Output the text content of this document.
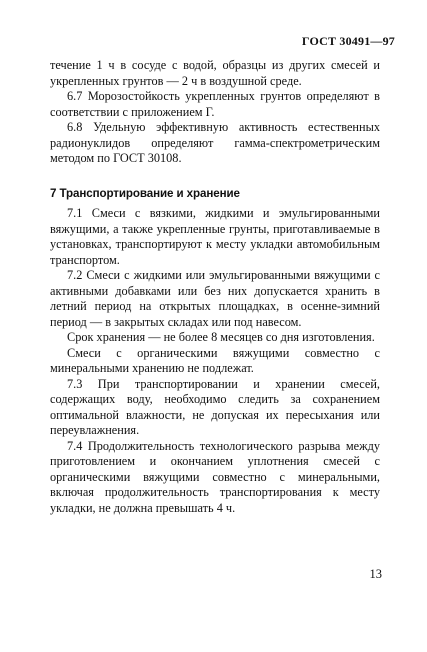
ГОСТ 30491—97

течение 1 ч в сосуде с водой, образцы из других смесей и укрепленных грунтов — 2 ч в воздушной среде.

6.7 Морозостойкость укрепленных грунтов определяют в соответствии с приложением Г.

6.8 Удельную эффективную активность естественных радионуклидов определяют гамма-спектрометрическим методом по ГОСТ 30108.

7 Транспортирование и хранение

7.1 Смеси с вязкими, жидкими и эмульгированными вяжущими, а также укрепленные грунты, приготавливаемые в установках, транспортируют к месту укладки автомобильным транспортом.

7.2 Смеси с жидкими или эмульгированными вяжущими с активными добавками или без них допускается хранить в летний период на открытых площадках, в осенне-зимний период — в закрытых складах или под навесом.

Срок хранения — не более 8 месяцев со дня изготовления.

Смеси с органическими вяжущими совместно с минеральными хранению не подлежат.

7.3 При транспортировании и хранении смесей, содержащих воду, необходимо следить за сохранением оптимальной влажности, не допуская их пересыхания или переувлажнения.

7.4 Продолжительность технологического разрыва между приготовлением и окончанием уплотнения смесей с органическими вяжущими совместно с минеральными, включая продолжительность транспортирования к месту укладки, не должна превышать 4 ч.

13
